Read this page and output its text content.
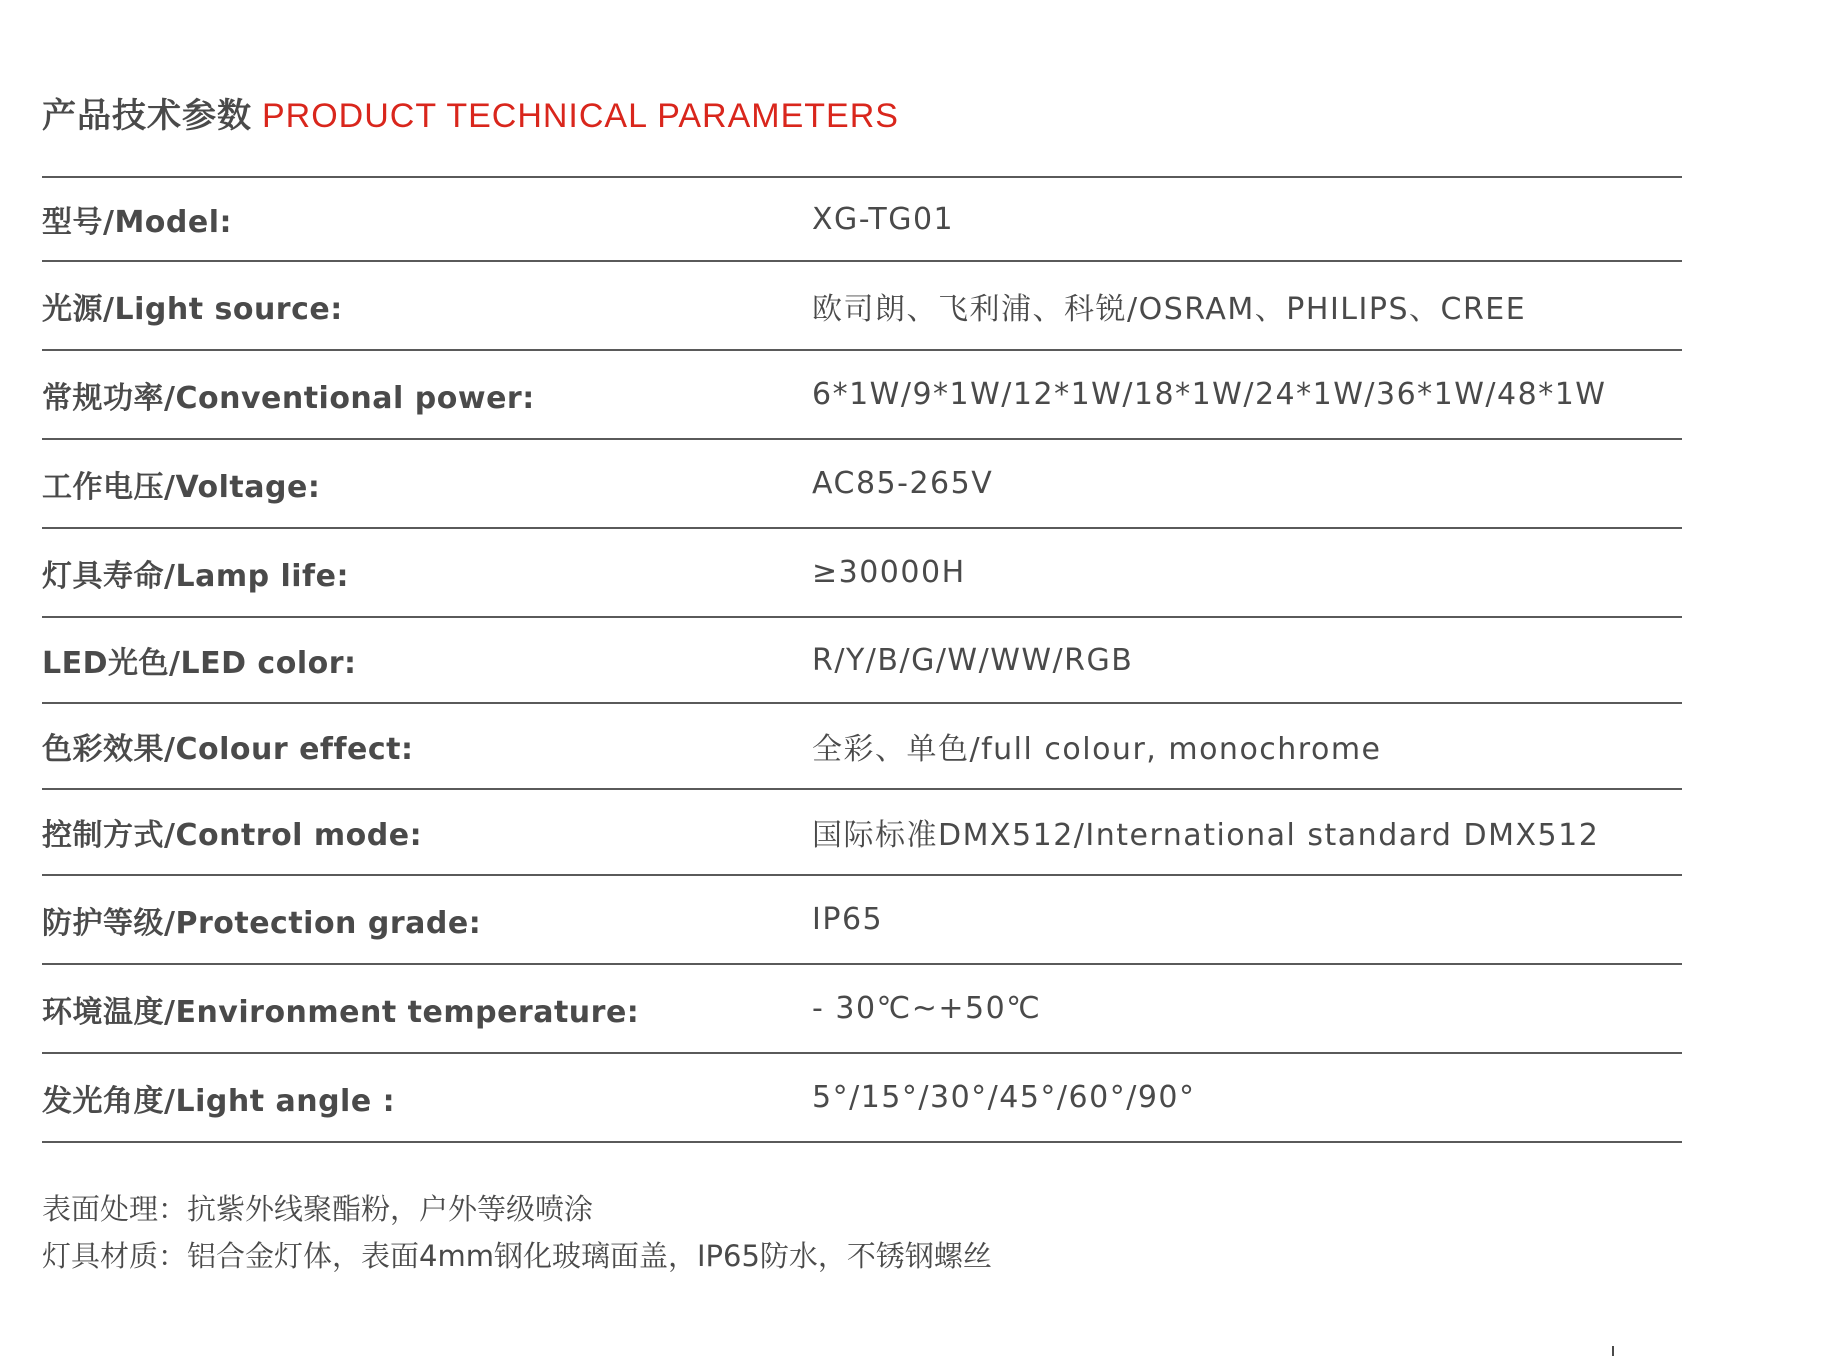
产品技术参数 PRODUCT TECHNICAL PARAMETERS
型号/Model:	XG-TG01
光源/Light source:	欧司朗、飞利浦、科锐/OSRAM、PHILIPS、CREE
常规功率/Conventional power:	6*1W/9*1W/12*1W/18*1W/24*1W/36*1W/48*1W
工作电压/Voltage:	AC85-265V
灯具寿命/Lamp life:	≥30000H
LED光色/LED color:	R/Y/B/G/W/WW/RGB
色彩效果/Colour effect:	全彩、单色/full colour, monochrome
控制方式/Control mode:	国际标准DMX512/International standard DMX512
防护等级/Protection grade:	IP65
环境温度/Environment temperature:	- 30℃~+50℃
发光角度/Light angle :	5°/15°/30°/45°/60°/90°
表面处理：抗紫外线聚酯粉，户外等级喷涂
灯具材质：铝合金灯体，表面4mm钢化玻璃面盖，IP65防水，不锈钢螺丝
